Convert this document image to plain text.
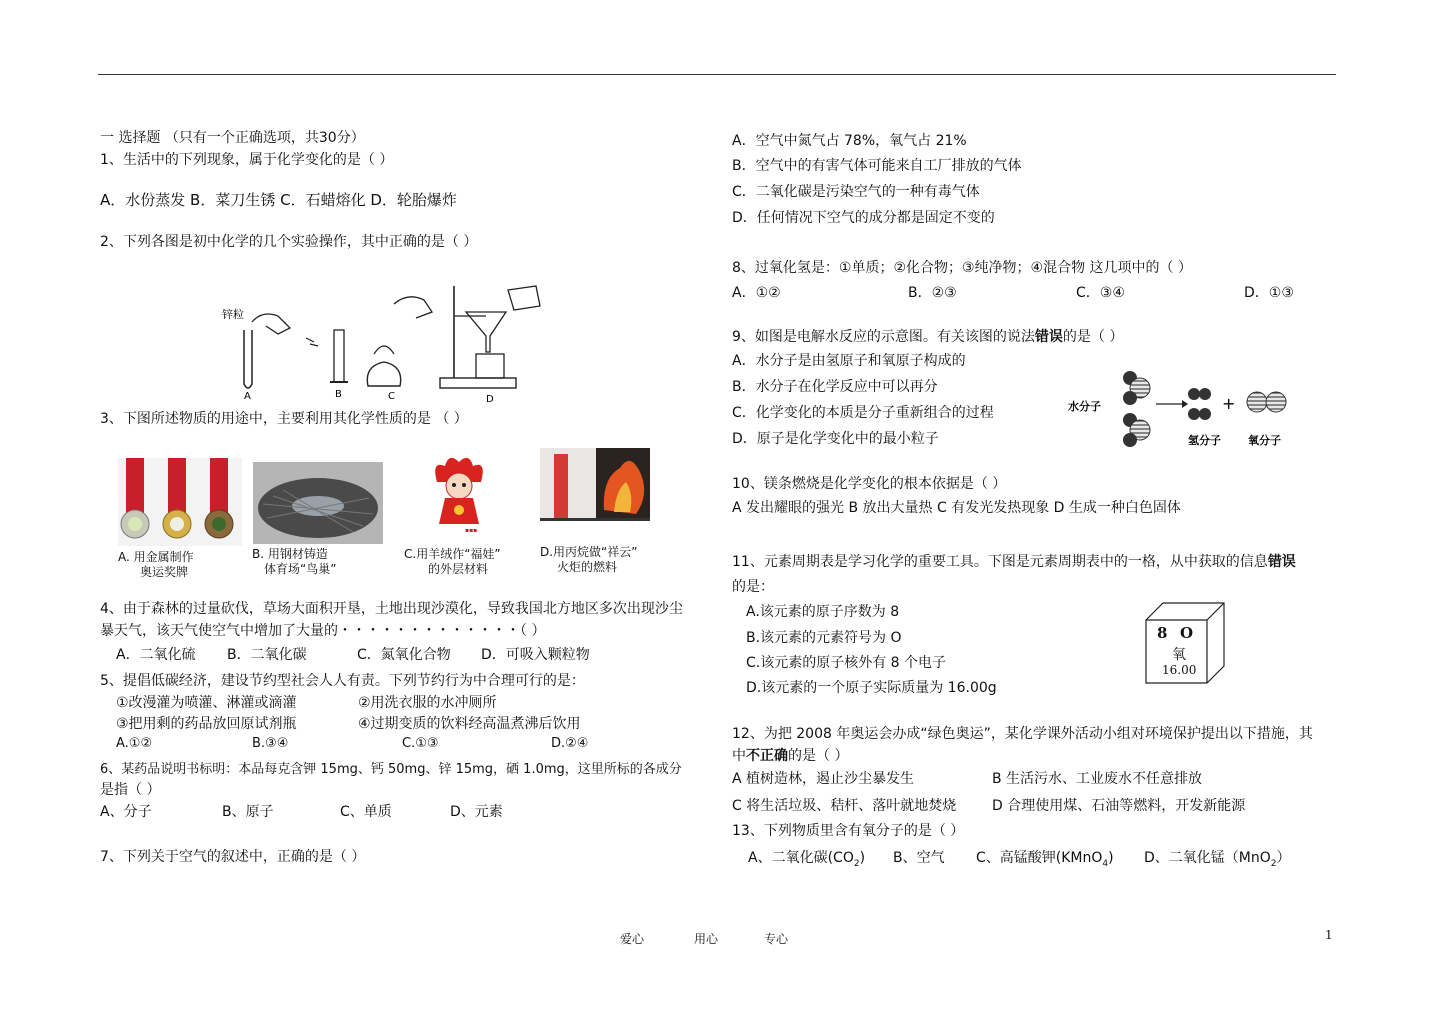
一 选择题 （只有一个正确选项，共30分）
1、生活中的下列现象，属于化学变化的是（ ）
A．水份蒸发 B．菜刀生锈 C．石蜡熔化 D．轮胎爆炸
2、下列各图是初中化学的几个实验操作，其中正确的是（ ）
锌粒
A	B	C	D
3、下图所述物质的用途中，主要利用其化学性质的是 （ ）
▪▪▪
A. 用金属制作
奥运奖牌
B. 用钢材铸造
体育场“鸟巢”
C.用羊绒作“福娃”
的外层材料
D.用丙烷做“祥云”
火炬的燃料
4、由于森林的过量砍伐，草场大面积开垦，土地出现沙漠化，导致我国北方地区多次出现沙尘
暴天气，该天气使空气中增加了大量的・・・・・・・・・・・・・（ ）
A．二氧化硫 B．二氧化碳	C．氮氧化合物 D．可吸入颗粒物
5、提倡低碳经济，建设节约型社会人人有责。下列节约行为中合理可行的是：
①改漫灌为喷灌、淋灌或滴灌	②用洗衣服的水冲厕所
③把用剩的药品放回原试剂瓶	④过期变质的饮料经高温煮沸后饮用
A.①②	B.③④	C.①③	D.②④
6、某药品说明书标明：本品每克含钾 15mg、钙 50mg、锌 15mg，硒 1.0mg，这里所标的各成分
是指（ ）
A、分子	B、原子	C、单质	D、元素
7、下列关于空气的叙述中，正确的是（ ）
A．空气中氮气占 78%，氧气占 21%
B．空气中的有害气体可能来自工厂排放的气体
C．二氧化碳是污染空气的一种有毒气体
D．任何情况下空气的成分都是固定不变的
8、过氧化氢是：①单质；②化合物；③纯净物；④混合物 这几项中的（ ）
A．①②	B．②③	C．③④	D．①③
9、如图是电解水反应的示意图。有关该图的说法错误的是（ ）
A．水分子是由氢原子和氧原子构成的
B．水分子在化学反应中可以再分
C．化学变化的本质是分子重新组合的过程
D．原子是化学变化中的最小粒子
水分子	+
氢分子 氧分子
10、镁条燃烧是化学变化的根本依据是（ ）
A 发出耀眼的强光 B 放出大量热 C 有发光发热现象 D 生成一种白色固体
11、元素周期表是学习化学的重要工具。下图是元素周期表中的一格，从中获取的信息错误
的是：
A.该元素的原子序数为 8
B.该元素的元素符号为 O
C.该元素的原子核外有 8 个电子
D.该元素的一个原子实际质量为 16.00g
8 O
氧
16.00
12、为把 2008 年奥运会办成“绿色奥运”，某化学课外活动小组对环境保护提出以下措施，其
中不正确的是（ ）
A 植树造林，遏止沙尘暴发生	B 生活污水、工业废水不任意排放
C 将生活垃圾、秸杆、落叶就地焚烧	D 合理使用煤、石油等燃料，开发新能源
13、下列物质里含有氧分子的是（ ）
A、二氧化碳$(CO_2)$ B、空气 C、高锰酸钾(KMnO$_4$) D、二氧化锰（MnO$_2$）
爱心	用心	专心	1
